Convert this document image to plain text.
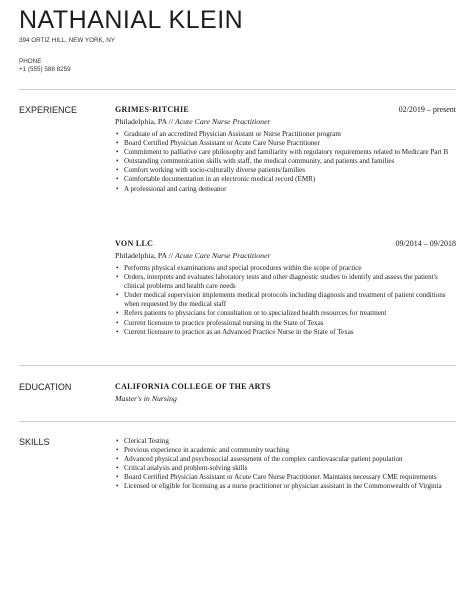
NATHANIAL KLEIN
394 ORTIZ HILL, NEW YORK, NY
PHONE
+1 (555) 588 8259
EXPERIENCE	GRIMES-RITCHIE	02/2019 – present
Philadelphia, PA // Acute Care Nurse Practitioner
• Graduate of an accredited Physician Assistant or Nurse Practitioner program
• Board Certified Physician Assistant or Acute Care Nurse Practitioner
• Commitment to palliative care philosophy and familiarity with regulatory requirements related to Medicare Part B
• Outstanding communication skills with staff, the medical community, and patients and families
• Comfort working with socio-culturally diverse patients/families
• Comfortable documentation in an electronic medical record (EMR)
• A professional and caring demeanor
VON LLC	09/2014 – 09/2018
Philadelphia, PA // Acute Care Nurse Practitioner
• Performs physical examinations and special procedures within the scope of practice
• Orders, interprets and evaluates laboratory tests and other diagnostic studies to identify and assess the patient's clinical problems and health care needs
• Under medical supervision implements medical protocols including diagnosis and treatment of patient conditions when requested by the medical staff
• Refers patients to physicians for consultation or to specialized health resources for treatment
• Current licensure to practice professional nursing in the State of Texas
• Current licensure to practice as an Advanced Practice Nurse in the State of Texas
EDUCATION	CALIFORNIA COLLEGE OF THE ARTS
Master's in Nursing
SKILLS
•	Clerical Testing
• Previous experience in academic and community teaching
• Advanced physical and psychosocial assessment of the complex cardiovascular patient population
• Critical analysis and problem-solving skills
• Board Certified Physician Assistant or Acute Care Nurse Practitioner. Maintains necessary CME requirements
• Licensed or eligible for licensing as a nurse practitioner or physician assistant in the Commonwealth of Virginia
